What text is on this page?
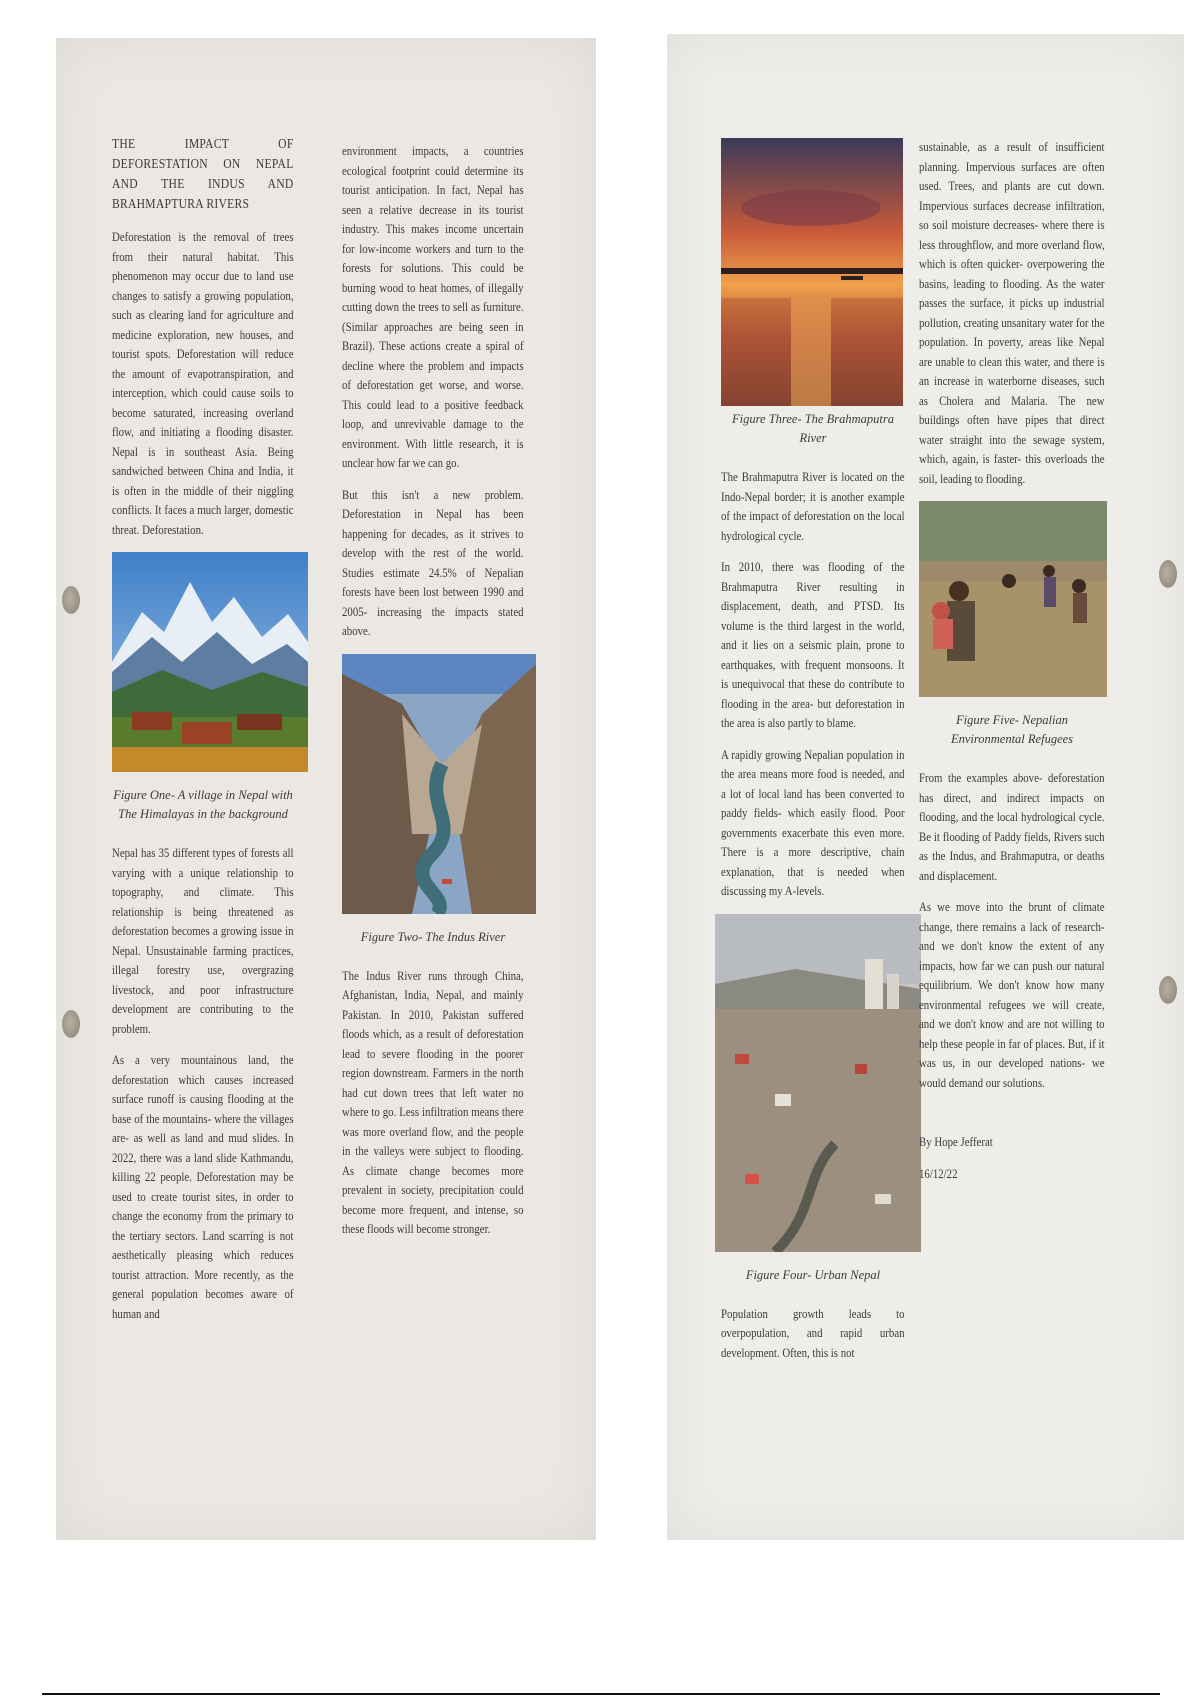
THE IMPACT OF DEFORESTATION ON NEPAL AND THE INDUS AND BRAHMAPTURA RIVERS
Deforestation is the removal of trees from their natural habitat. This phenomenon may occur due to land use changes to satisfy a growing population, such as clearing land for agriculture and medicine exploration, new houses, and tourist spots. Deforestation will reduce the amount of evapotranspiration, and interception, which could cause soils to become saturated, increasing overland flow, and initiating a flooding disaster. Nepal is in southeast Asia. Being sandwiched between China and India, it is often in the middle of their niggling conflicts. It faces a much larger, domestic threat. Deforestation.
Figure One- A village in Nepal with The Himalayas in the background
Nepal has 35 different types of forests all varying with a unique relationship to topography, and climate. This relationship is being threatened as deforestation becomes a growing issue in Nepal. Unsustainable farming practices, illegal forestry use, overgrazing livestock, and poor infrastructure development are contributing to the problem.
As a very mountainous land, the deforestation which causes increased surface runoff is causing flooding at the base of the mountains- where the villages are- as well as land and mud slides. In 2022, there was a land slide Kathmandu, killing 22 people. Deforestation may be used to create tourist sites, in order to change the economy from the primary to the tertiary sectors. Land scarring is not aesthetically pleasing which reduces tourist attraction. More recently, as the general population becomes aware of human and
environment impacts, a countries ecological footprint could determine its tourist anticipation. In fact, Nepal has seen a relative decrease in its tourist industry. This makes income uncertain for low-income workers and turn to the forests for solutions. This could be burning wood to heat homes, of illegally cutting down the trees to sell as furniture. (Similar approaches are being seen in Brazil). These actions create a spiral of decline where the problem and impacts of deforestation get worse, and worse. This could lead to a positive feedback loop, and unrevivable damage to the environment. With little research, it is unclear how far we can go.
But this isn't a new problem. Deforestation in Nepal has been happening for decades, as it strives to develop with the rest of the world. Studies estimate 24.5% of Nepalian forests have been lost between 1990 and 2005- increasing the impacts stated above.
Figure Two- The Indus River
The Indus River runs through China, Afghanistan, India, Nepal, and mainly Pakistan. In 2010, Pakistan suffered floods which, as a result of deforestation lead to severe flooding in the poorer region downstream. Farmers in the north had cut down trees that left water no where to go. Less infiltration means there was more overland flow, and the people in the valleys were subject to flooding. As climate change becomes more prevalent in society, precipitation could become more frequent, and intense, so these floods will become stronger.
Figure Three- The Brahmaputra River
The Brahmaputra River is located on the Indo-Nepal border; it is another example of the impact of deforestation on the local hydrological cycle.
In 2010, there was flooding of the Brahmaputra River resulting in displacement, death, and PTSD. Its volume is the third largest in the world, and it lies on a seismic plain, prone to earthquakes, with frequent monsoons. It is unequivocal that these do contribute to flooding in the area- but deforestation in the area is also partly to blame.
A rapidly growing Nepalian population in the area means more food is needed, and a lot of local land has been converted to paddy fields- which easily flood. Poor governments exacerbate this even more. There is a more descriptive, chain explanation, that is needed when discussing my A-levels.
Figure Four- Urban Nepal
Population growth leads to overpopulation, and rapid urban development. Often, this is not
sustainable, as a result of insufficient planning. Impervious surfaces are often used. Trees, and plants are cut down. Impervious surfaces decrease infiltration, so soil moisture decreases- where there is less throughflow, and more overland flow, which is often quicker- overpowering the basins, leading to flooding. As the water passes the surface, it picks up industrial pollution, creating unsanitary water for the population. In poverty, areas like Nepal are unable to clean this water, and there is an increase in waterborne diseases, such as Cholera and Malaria. The new buildings often have pipes that direct water straight into the sewage system, which, again, is faster- this overloads the soil, leading to flooding.
Figure Five- Nepalian Environmental Refugees
From the examples above- deforestation has direct, and indirect impacts on flooding, and the local hydrological cycle. Be it flooding of Paddy fields, Rivers such as the Indus, and Brahmaputra, or deaths and displacement.
As we move into the brunt of climate change, there remains a lack of research- and we don't know the extent of any impacts, how far we can push our natural equilibrium. We don't know how many environmental refugees we will create, and we don't know and are not willing to help these people in far of places. But, if it was us, in our developed nations- we would demand our solutions.
By Hope Jefferat
16/12/22
